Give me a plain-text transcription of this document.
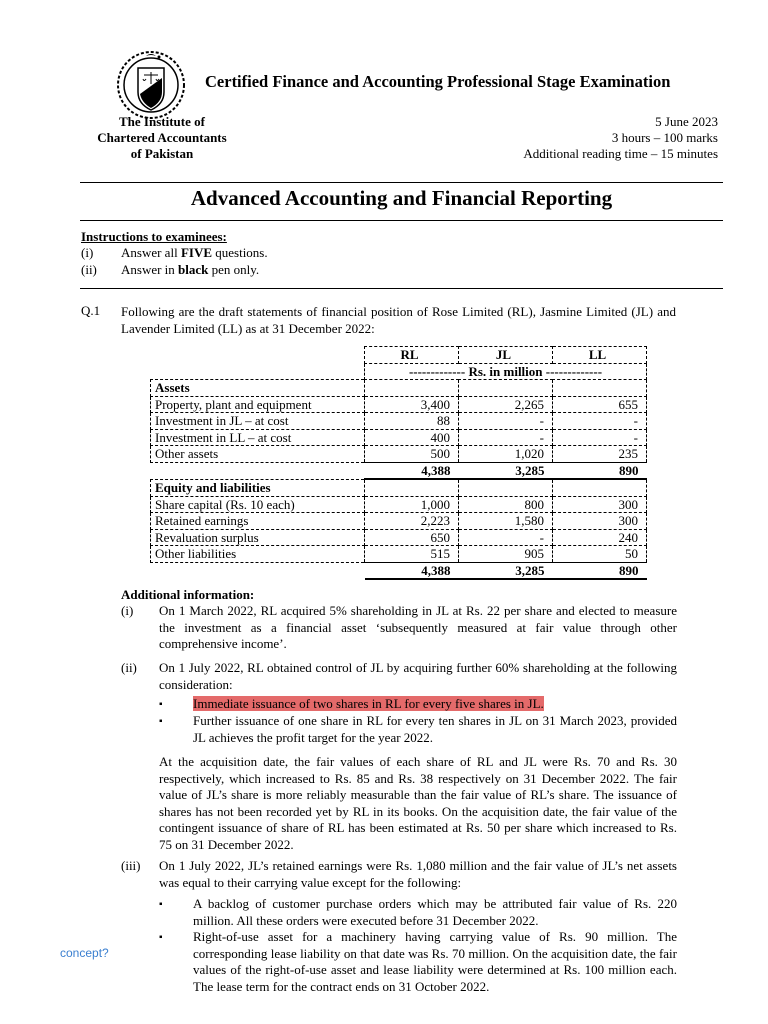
Certified Finance and Accounting Professional Stage Examination
The Institute of
Chartered Accountants
of Pakistan
5 June 2023
3 hours – 100 marks
Additional reading time – 15 minutes
Advanced Accounting and Financial Reporting
Instructions to examinees:
(i) Answer all FIVE questions.
(ii) Answer in black pen only.
Q.1 Following are the draft statements of financial position of Rose Limited (RL), Jasmine Limited (JL) and Lavender Limited (LL) as at 31 December 2022:
	RL	JL	LL
	------------- Rs. in million -------------		
Assets			
Property, plant and equipment	3,400	2,265	655
Investment in JL – at cost	88	-	-
Investment in LL – at cost	400	-	-
Other assets	500	1,020	235
	4,388	3,285	890
Equity and liabilities			
Share capital (Rs. 10 each)	1,000	800	300
Retained earnings	2,223	1,580	300
Revaluation surplus	650	-	240
Other liabilities	515	905	50
	4,388	3,285	890
Additional information:
(i) On 1 March 2022, RL acquired 5% shareholding in JL at Rs. 22 per share and elected to measure the investment as a financial asset ‘subsequently measured at fair value through other comprehensive income’.
(ii) On 1 July 2022, RL obtained control of JL by acquiring further 60% shareholding at the following consideration:
▪ Immediate issuance of two shares in RL for every five shares in JL.
▪ Further issuance of one share in RL for every ten shares in JL on 31 March 2023, provided JL achieves the profit target for the year 2022.
At the acquisition date, the fair values of each share of RL and JL were Rs. 70 and Rs. 30 respectively, which increased to Rs. 85 and Rs. 38 respectively on 31 December 2022. The fair value of JL’s share is more reliably measurable than the fair value of RL’s share. The issuance of shares has not been recorded yet by RL in its books. On the acquisition date, the fair value of the contingent issuance of share of RL has been estimated at Rs. 50 per share which increased to Rs. 75 on 31 December 2022.
(iii) On 1 July 2022, JL’s retained earnings were Rs. 1,080 million and the fair value of JL’s net assets was equal to their carrying value except for the following:
▪ A backlog of customer purchase orders which may be attributed fair value of Rs. 220 million. All these orders were executed before 31 December 2022.
▪ Right-of-use asset for a machinery having carrying value of Rs. 90 million. The corresponding lease liability on that date was Rs. 70 million. On the acquisition date, the fair values of the right-of-use asset and lease liability were determined at Rs. 100 million each. The lease term for the contract ends on 31 October 2022.
concept?
